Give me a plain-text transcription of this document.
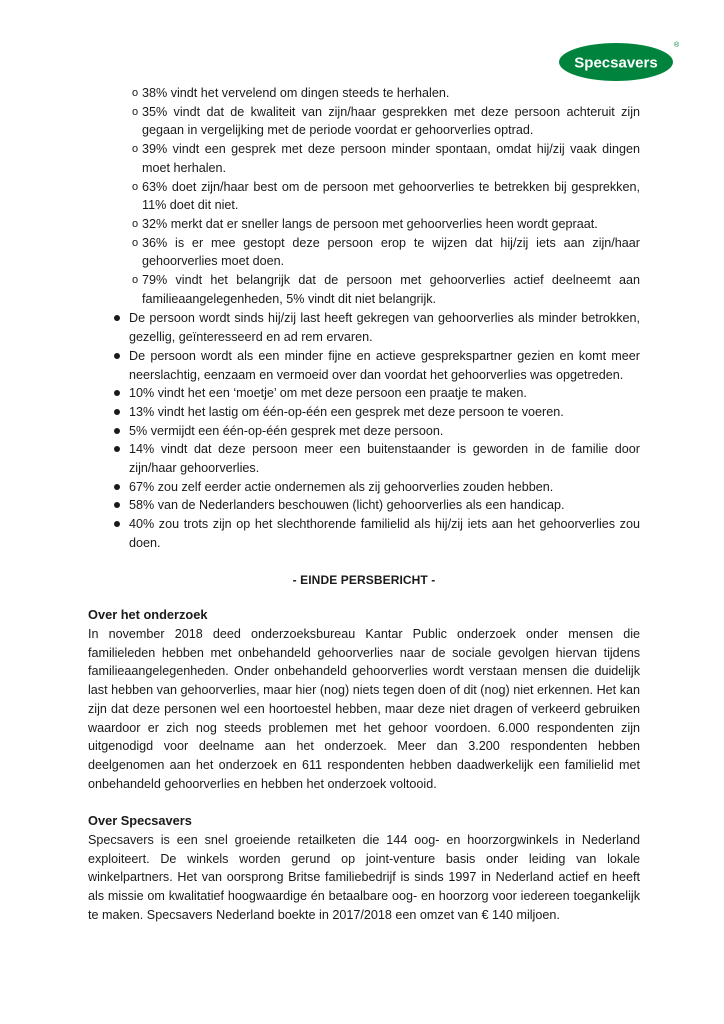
Specsavers
®
o 38% vindt het vervelend om dingen steeds te herhalen.
o 35% vindt dat de kwaliteit van zijn/haar gesprekken met deze persoon achteruit zijn gegaan in vergelijking met de periode voordat er gehoorverlies optrad.
o 39% vindt een gesprek met deze persoon minder spontaan, omdat hij/zij vaak dingen moet herhalen.
o 63% doet zijn/haar best om de persoon met gehoorverlies te betrekken bij gesprekken, 11% doet dit niet.
o 32% merkt dat er sneller langs de persoon met gehoorverlies heen wordt gepraat.
o 36% is er mee gestopt deze persoon erop te wijzen dat hij/zij iets aan zijn/haar gehoorverlies moet doen.
o 79% vindt het belangrijk dat de persoon met gehoorverlies actief deelneemt aan familieaangelegenheden, 5% vindt dit niet belangrijk.
De persoon wordt sinds hij/zij last heeft gekregen van gehoorverlies als minder betrokken, gezellig, geïnteresseerd en ad rem ervaren.
De persoon wordt als een minder fijne en actieve gesprekspartner gezien en komt meer neerslachtig, eenzaam en vermoeid over dan voordat het gehoorverlies was opgetreden.
10% vindt het een ‘moetje’ om met deze persoon een praatje te maken.
13% vindt het lastig om één-op-één een gesprek met deze persoon te voeren.
5% vermijdt een één-op-één gesprek met deze persoon.
14% vindt dat deze persoon meer een buitenstaander is geworden in de familie door zijn/haar gehoorverlies.
67% zou zelf eerder actie ondernemen als zij gehoorverlies zouden hebben.
58% van de Nederlanders beschouwen (licht) gehoorverlies als een handicap.
40% zou trots zijn op het slechthorende familielid als hij/zij iets aan het gehoorverlies zou doen.
- EINDE PERSBERICHT -
Over het onderzoek

In november 2018 deed onderzoeksbureau Kantar Public onderzoek onder mensen die familieleden hebben met onbehandeld gehoorverlies naar de sociale gevolgen hiervan tijdens familieaangelegenheden. Onder onbehandeld gehoorverlies wordt verstaan mensen die duidelijk last hebben van gehoorverlies, maar hier (nog) niets tegen doen of dit (nog) niet erkennen. Het kan zijn dat deze personen wel een hoortoestel hebben, maar deze niet dragen of verkeerd gebruiken waardoor er zich nog steeds problemen met het gehoor voordoen. 6.000 respondenten zijn uitgenodigd voor deelname aan het onderzoek. Meer dan 3.200 respondenten hebben deelgenomen aan het onderzoek en 611 respondenten hebben daadwerkelijk een familielid met onbehandeld gehoorverlies en hebben het onderzoek voltooid.

Over Specsavers

Specsavers is een snel groeiende retailketen die 144 oog- en hoorzorgwinkels in Nederland exploiteert. De winkels worden gerund op joint-venture basis onder leiding van lokale winkelpartners. Het van oorsprong Britse familiebedrijf is sinds 1997 in Nederland actief en heeft als missie om kwalitatief hoogwaardige én betaalbare oog- en hoorzorg voor iedereen toegankelijk te maken. Specsavers Nederland boekte in 2017/2018 een omzet van € 140 miljoen.
